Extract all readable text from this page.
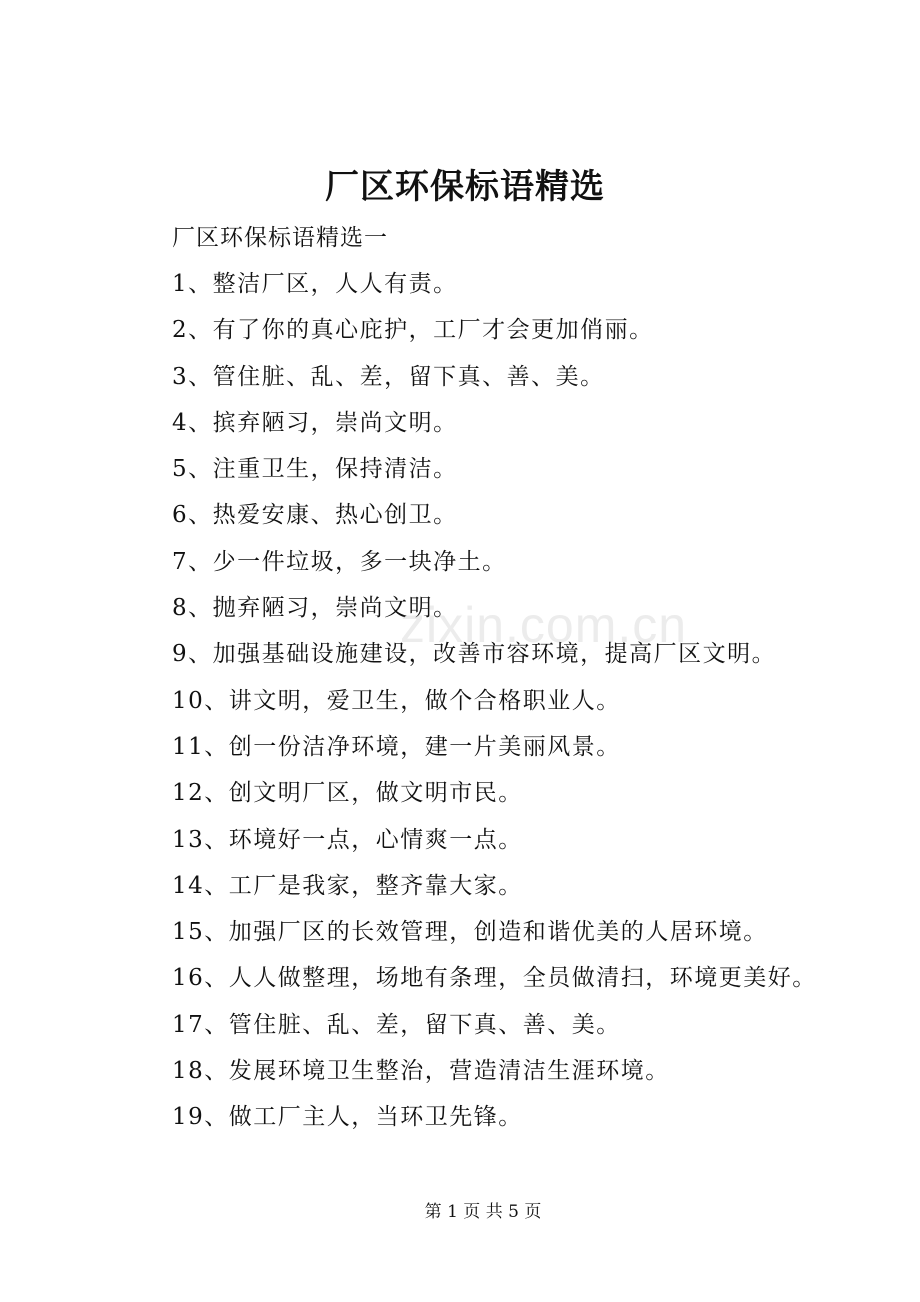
厂区环保标语精选
厂区环保标语精选一
1、整洁厂区，人人有责。
2、有了你的真心庇护，工厂才会更加俏丽。
3、管住脏、乱、差，留下真、善、美。
4、摈弃陋习，崇尚文明。
5、注重卫生，保持清洁。
6、热爱安康、热心创卫。
7、少一件垃圾，多一块净土。
8、抛弃陋习，崇尚文明。
9、加强基础设施建设，改善市容环境，提高厂区文明。
10、讲文明，爱卫生，做个合格职业人。
11、创一份洁净环境，建一片美丽风景。
12、创文明厂区，做文明市民。
13、环境好一点，心情爽一点。
14、工厂是我家，整齐靠大家。
15、加强厂区的长效管理，创造和谐优美的人居环境。
16、人人做整理，场地有条理，全员做清扫，环境更美好。
17、管住脏、乱、差，留下真、善、美。
18、发展环境卫生整治，营造清洁生涯环境。
19、做工厂主人，当环卫先锋。
zixin.com.cn
第 1 页 共 5 页
